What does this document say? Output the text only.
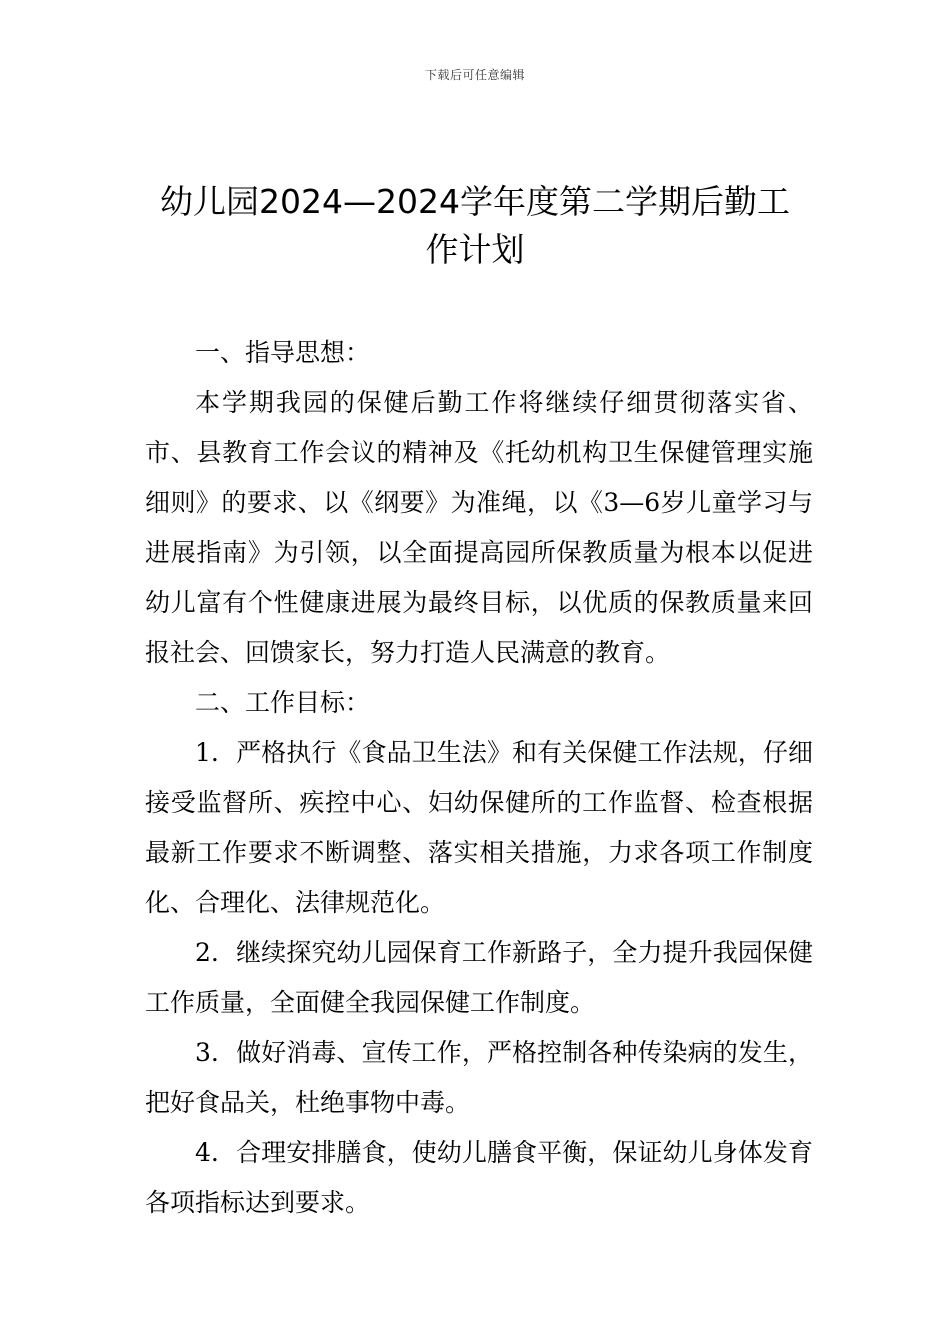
下载后可任意编辑
幼儿园2024—2024学年度第二学期后勤工作计划

一、指导思想：

本学期我园的保健后勤工作将继续仔细贯彻落实省、市、县教育工作会议的精神及《托幼机构卫生保健管理实施细则》的要求、以《纲要》为准绳，以《3—6岁儿童学习与进展指南》为引领，以全面提高园所保教质量为根本以促进幼儿富有个性健康进展为最终目标，以优质的保教质量来回报社会、回馈家长，努力打造人民满意的教育。

二、工作目标：

1．严格执行《食品卫生法》和有关保健工作法规，仔细接受监督所、疾控中心、妇幼保健所的工作监督、检查根据最新工作要求不断调整、落实相关措施，力求各项工作制度化、合理化、法律规范化。

2．继续探究幼儿园保育工作新路子，全力提升我园保健工作质量，全面健全我园保健工作制度。

3．做好消毒、宣传工作，严格控制各种传染病的发生，把好食品关，杜绝事物中毒。

4．合理安排膳食，使幼儿膳食平衡，保证幼儿身体发育各项指标达到要求。
